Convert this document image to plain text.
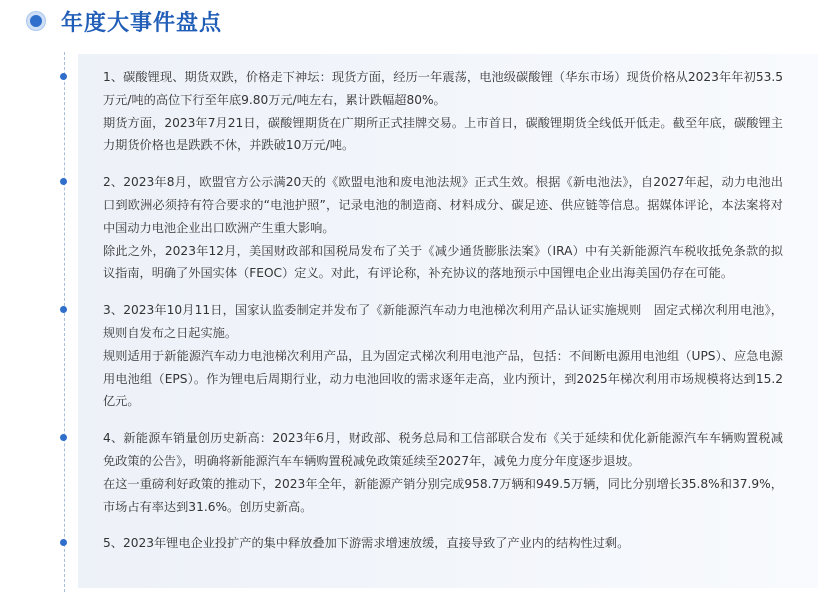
年度大事件盘点

1、碳酸锂现、期货双跌，价格走下神坛：现货方面，经历一年震荡，电池级碳酸锂（华东市场）现货价格从2023年年初53.5万元/吨的高位下行至年底9.80万元/吨左右，累计跌幅超80%。

期货方面，2023年7月21日，碳酸锂期货在广期所正式挂牌交易。上市首日，碳酸锂期货全线低开低走。截至年底，碳酸锂主力期货价格也是跌跌不休，并跌破10万元/吨。

2、2023年8月，欧盟官方公示满20天的《欧盟电池和废电池法规》正式生效。根据《新电池法》，自2027年起，动力电池出口到欧洲必须持有符合要求的“电池护照”，记录电池的制造商、材料成分、碳足迹、供应链等信息。据媒体评论，本法案将对中国动力电池企业出口欧洲产生重大影响。

除此之外，2023年12月，美国财政部和国税局发布了关于《减少通货膨胀法案》（IRA）中有关新能源汽车税收抵免条款的拟议指南，明确了外国实体（FEOC）定义。对此，有评论称，补充协议的落地预示中国锂电企业出海美国仍存在可能。

3、2023年10月11日，国家认监委制定并发布了《新能源汽车动力电池梯次利用产品认证实施规则　固定式梯次利用电池》，规则自发布之日起实施。

规则适用于新能源汽车动力电池梯次利用产品，且为固定式梯次利用电池产品，包括：不间断电源用电池组（UPS）、应急电源用电池组（EPS）。作为锂电后周期行业，动力电池回收的需求逐年走高，业内预计，到2025年梯次利用市场规模将达到15.2亿元。

4、新能源车销量创历史新高：2023年6月，财政部、税务总局和工信部联合发布《关于延续和优化新能源汽车车辆购置税减免政策的公告》，明确将新能源汽车车辆购置税减免政策延续至2027年，减免力度分年度逐步退坡。

在这一重磅利好政策的推动下，2023年全年，新能源产销分别完成958.7万辆和949.5万辆，同比分别增长35.8%和37.9%，市场占有率达到31.6%。创历史新高。

5、2023年锂电企业投扩产的集中释放叠加下游需求增速放缓，直接导致了产业内的结构性过剩。
